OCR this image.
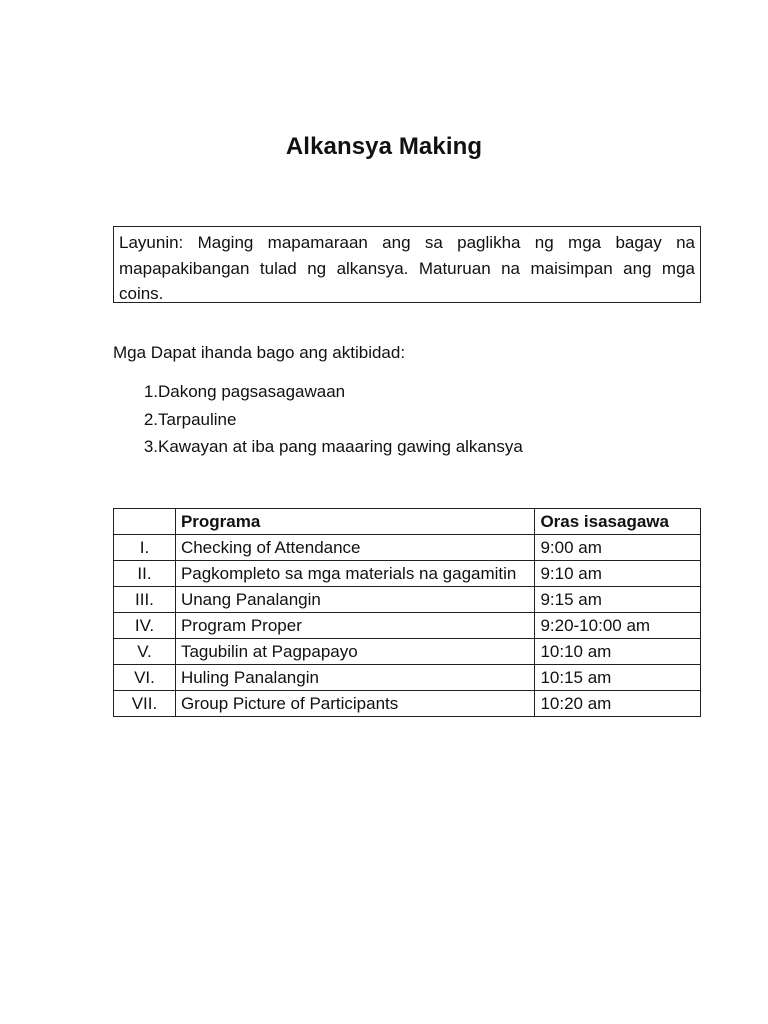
Alkansya Making
Layunin: Maging mapamaraan ang sa paglikha ng mga bagay na mapapakibangan tulad ng alkansya. Maturuan na maisimpan ang mga coins.
Mga Dapat ihanda bago ang aktibidad:
1. Dakong pagsasagawaan
2. Tarpauline
3. Kawayan at iba pang maaaring gawing alkansya
	Programa	Oras isasagawa
I.	Checking of Attendance	9:00 am
II.	Pagkompleto sa mga materials na gagamitin	9:10 am
III.	Unang Panalangin	9:15 am
IV.	Program Proper	9:20-10:00 am
V.	Tagubilin at Pagpapayo	10:10 am
VI.	Huling Panalangin	10:15 am
VII.	Group Picture of Participants	10:20 am
